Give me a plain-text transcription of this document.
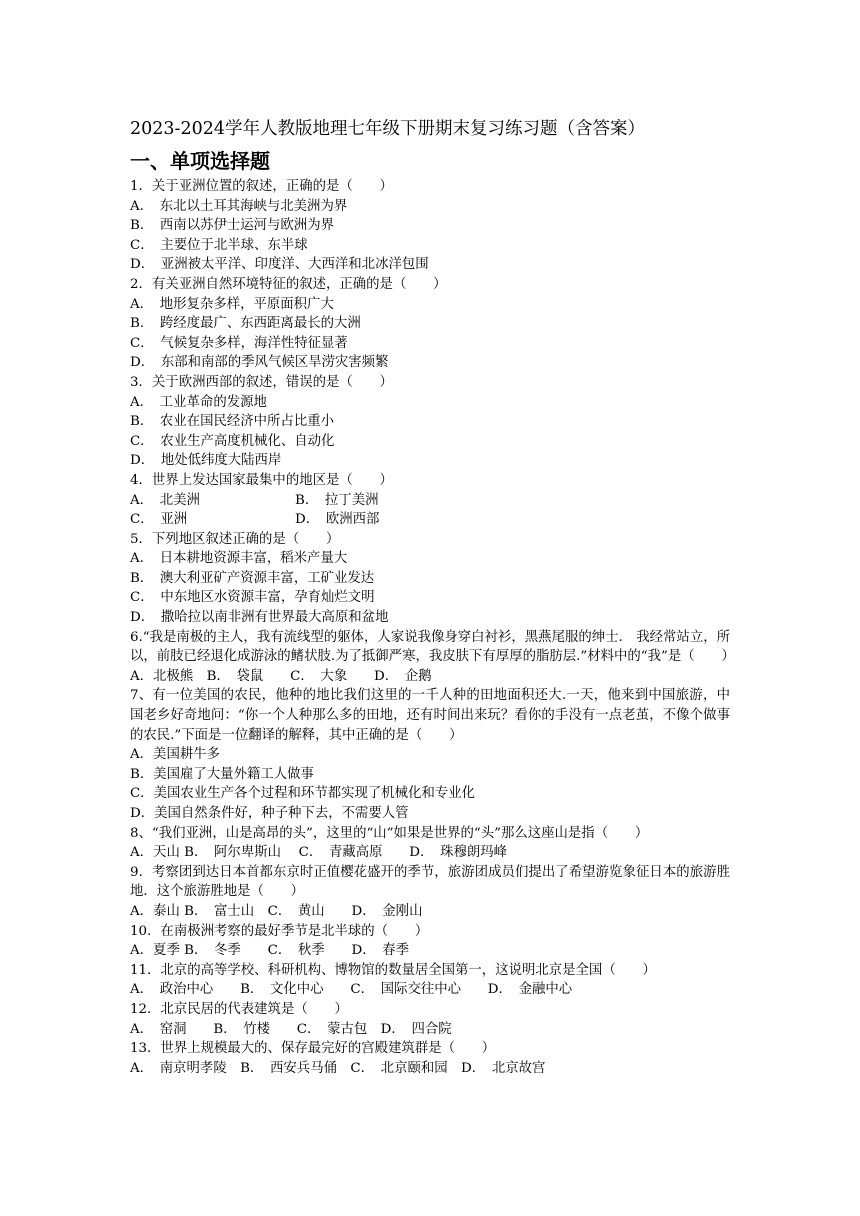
2023-2024学年人教版地理七年级下册期末复习练习题（含答案）
一、单项选择题
1．关于亚洲位置的叙述，正确的是（　　）
A．　东北以土耳其海峡与北美洲为界
B．　西南以苏伊士运河与欧洲为界
C．　主要位于北半球、东半球
D．　亚洲被太平洋、印度洋、大西洋和北冰洋包围
2．有关亚洲自然环境特征的叙述，正确的是（　　）
A．　地形复杂多样，平原面积广大
B．　跨经度最广、东西距离最长的大洲
C．　气候复杂多样，海洋性特征显著
D．　东部和南部的季风气候区旱涝灾害频繁
3．关于欧洲西部的叙述，错误的是（　　）
A．　工业革命的发源地
B．　农业在国民经济中所占比重小
C．　农业生产高度机械化、自动化
D．　地处低纬度大陆西岸
4．世界上发达国家最集中的地区是（　　）
A．　北美洲	B．　拉丁美洲
C．　亚洲	D．　欧洲西部
5．下列地区叙述正确的是（　　）
A．　日本耕地资源丰富，稻米产量大
B．　澳大利亚矿产资源丰富，工矿业发达
C．　中东地区水资源丰富，孕育灿烂文明
D．　撒哈拉以南非洲有世界最大高原和盆地
6.“我是南极的主人，我有流线型的躯体，人家说我像身穿白衬衫，黑燕尾服的绅士.　我经常站立，所以，前肢已经退化成游泳的鳍状肢.为了抵御严寒，我皮肤下有厚厚的脂肪层.”材料中的“我”是（　　）
A．北极熊　B．　袋鼠　　C．　大象　　D．　企鹅
7、有一位美国的农民，他种的地比我们这里的一千人种的田地面积还大.一天，他来到中国旅游，中国老乡好奇地问：“你一个人种那么多的田地，还有时间出来玩？看你的手没有一点老茧，不像个做事的农民.”下面是一位翻译的解释，其中正确的是（　　）
A．美国耕牛多
B．美国雇了大量外籍工人做事
C．美国农业生产各个过程和环节都实现了机械化和专业化
D．美国自然条件好，种子种下去，不需要人管
8、“我们亚洲，山是高昂的头”，这里的“山”如果是世界的“头”那么这座山是指（　　）
A．天山 B．　阿尔卑斯山　 C．　青藏高原　　D．　珠穆朗玛峰
9．考察团到达日本首都东京时正值樱花盛开的季节，旅游团成员们提出了希望游览象征日本的旅游胜地．这个旅游胜地是（　　）
A．泰山 B．　富士山　C．　黄山　　D．　金刚山
10．在南极洲考察的最好季节是北半球的（　　）
A．夏季 B．　冬季　　C．　秋季　　D．　春季
11．北京的高等学校、科研机构、博物馆的数量居全国第一，这说明北京是全国（　　）
A．　政治中心　　B．　文化中心　　C．　国际交往中心　　D．　金融中心
12．北京民居的代表建筑是（　　）
A．　窑洞　　B．　竹楼　　C．　蒙古包　D．　四合院
13．世界上规模最大的、保存最完好的宫殿建筑群是（　　）
A．　南京明孝陵　B．　西安兵马俑　C．　北京颐和园　D．　北京故宫
